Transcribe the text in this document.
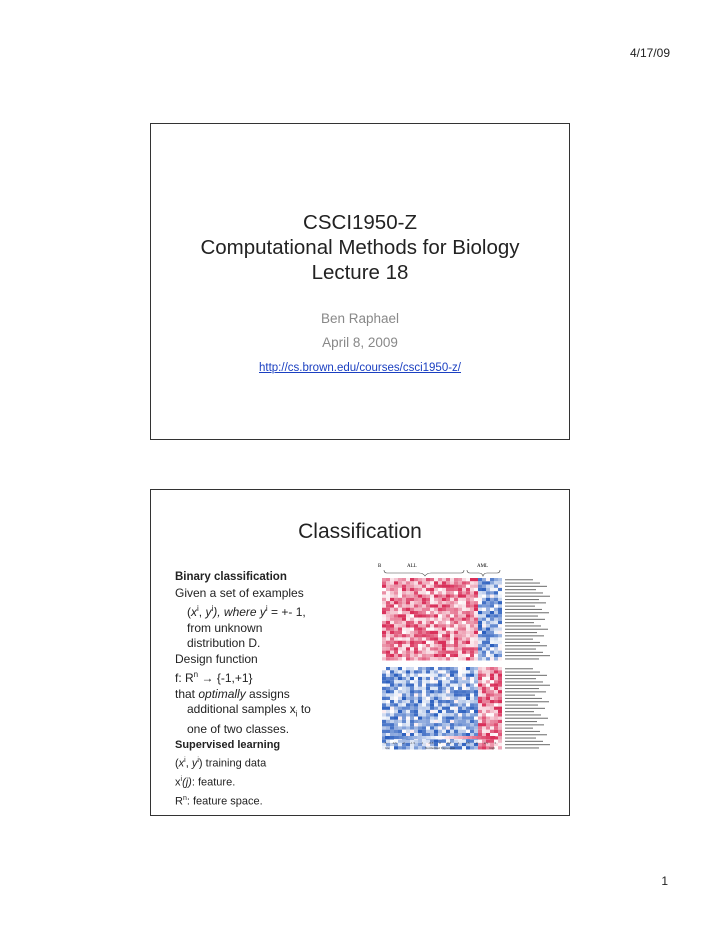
4/17/09
CSCI1950-Z
Computational Methods for Biology
Lecture 18
Ben Raphael
April 8, 2009
http://cs.brown.edu/courses/csci1950-z/
Classification
Binary classification
Given a set of examples
($x^i$, $y^i$), where $y^i$ = +- 1,
from unknown
distribution D.
Design function
f: $R^n \to \{-1,+1\}$
that optimally assigns
additional samples $x_i$ to
one of two classes.
Supervised learning
($x^i$, $y^i$) training data
$x^i(j)$: feature.
$R^n$: feature space.
B	ALL	AML
-3 -2.5 -2 -1.5 -1 -0.5 0 0.5 1 1.5 2 2.5 3
low	Normalized Expression	high
1
